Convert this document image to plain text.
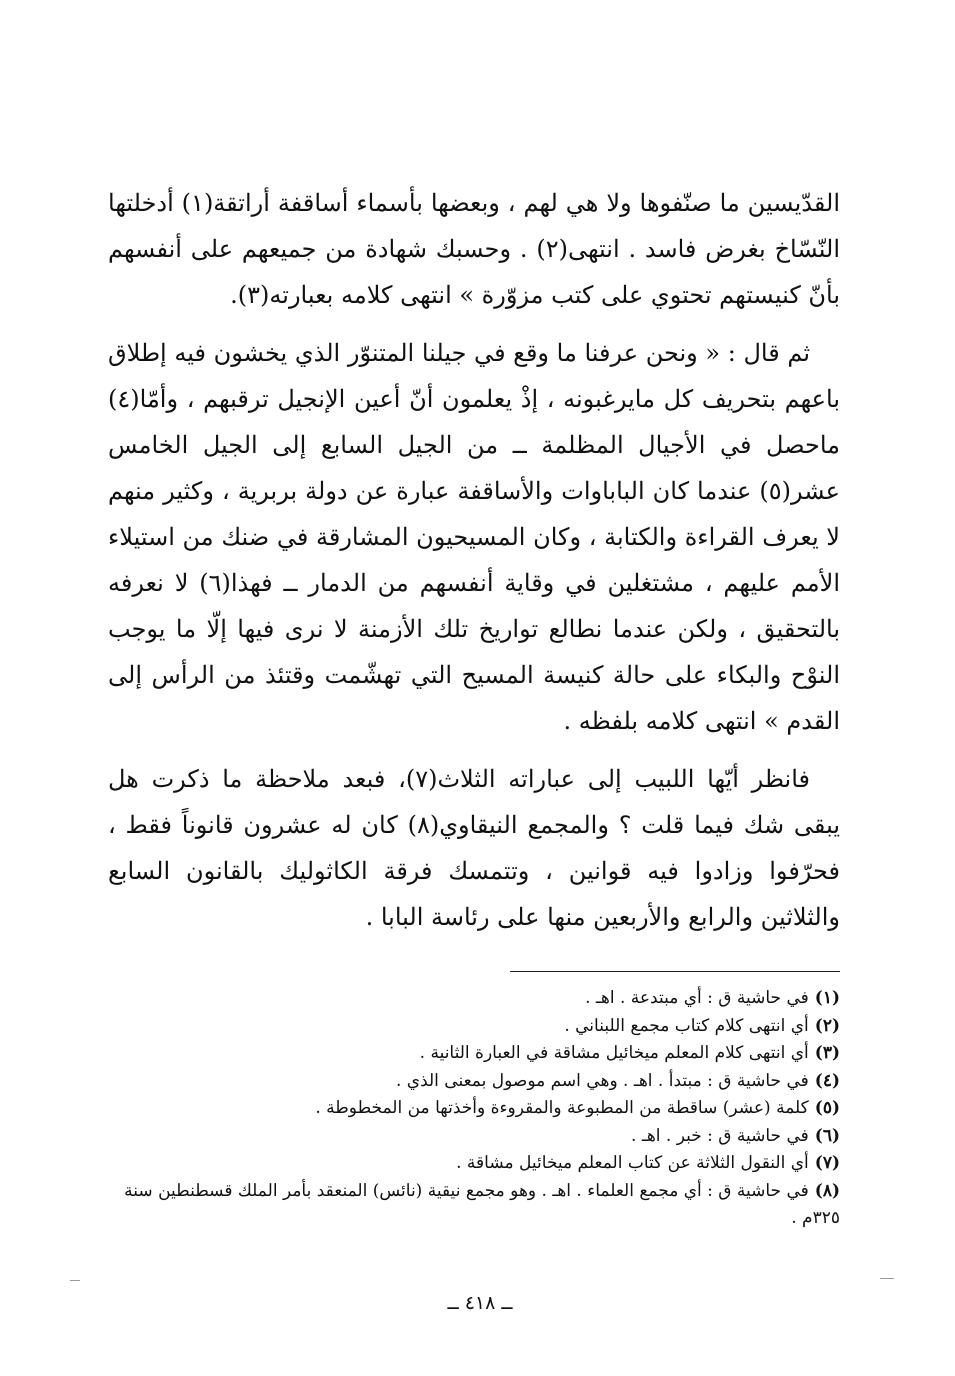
القدّيسين ما صنّفوها ولا هي لهم ، وبعضها بأسماء أساقفة أراتقة(١) أدخلتها النّسّاخ بغرض فاسد . انتهى(٢) . وحسبك شهادة من جميعهم على أنفسهم بأنّ كنيستهم تحتوي على كتب مزوّرة » انتهى كلامه بعبارته(٣).

ثم قال : « ونحن عرفنا ما وقع في جيلنا المتنوّر الذي يخشون فيه إطلاق باعهم بتحريف كل مايرغبونه ، إذْ يعلمون أنّ أعين الإنجيل ترقبهم ، وأمّا(٤) ماحصل في الأجيال المظلمة ــ من الجيل السابع إلى الجيل الخامس عشر(٥) عندما كان الباباوات والأساقفة عبارة عن دولة بربرية ، وكثير منهم لا يعرف القراءة والكتابة ، وكان المسيحيون المشارقة في ضنك من استيلاء الأمم عليهم ، مشتغلين في وقاية أنفسهم من الدمار ــ فهذا(٦) لا نعرفه بالتحقيق ، ولكن عندما نطالع تواريخ تلك الأزمنة لا نرى فيها إلّا ما يوجب النوْح والبكاء على حالة كنيسة المسيح التي تهشّمت وقتئذ من الرأس إلى القدم » انتهى كلامه بلفظه .

فانظر أيّها اللبيب إلى عباراته الثلاث(٧)، فبعد ملاحظة ما ذكرت هل يبقى شك فيما قلت ؟ والمجمع النيقاوي(٨) كان له عشرون قانوناً فقط ، فحرّفوا وزادوا فيه قوانين ، وتتمسك فرقة الكاثوليك بالقانون السابع والثلاثين والرابع والأربعين منها على رئاسة البابا .

(١)في حاشية ق : أي مبتدعة . اهـ .

(٢)أي انتهى كلام كتاب مجمع اللبناني .

(٣)أي انتهى كلام المعلم ميخائيل مشاقة في العبارة الثانية .

(٤)في حاشية ق : مبتدأ . اهـ . وهي اسم موصول بمعنى الذي .

(٥)كلمة (عشر) ساقطة من المطبوعة والمقروءة وأخذتها من المخطوطة .

(٦)في حاشية ق : خبر . اهـ .

(٧)أي النقول الثلاثة عن كتاب المعلم ميخائيل مشاقة .

(٨)في حاشية ق : أي مجمع العلماء . اهـ . وهو مجمع نيقية (نائس) المنعقد بأمر الملك قسطنطين سنة ٣٢٥م .

ــ ٤١٨ ــ
